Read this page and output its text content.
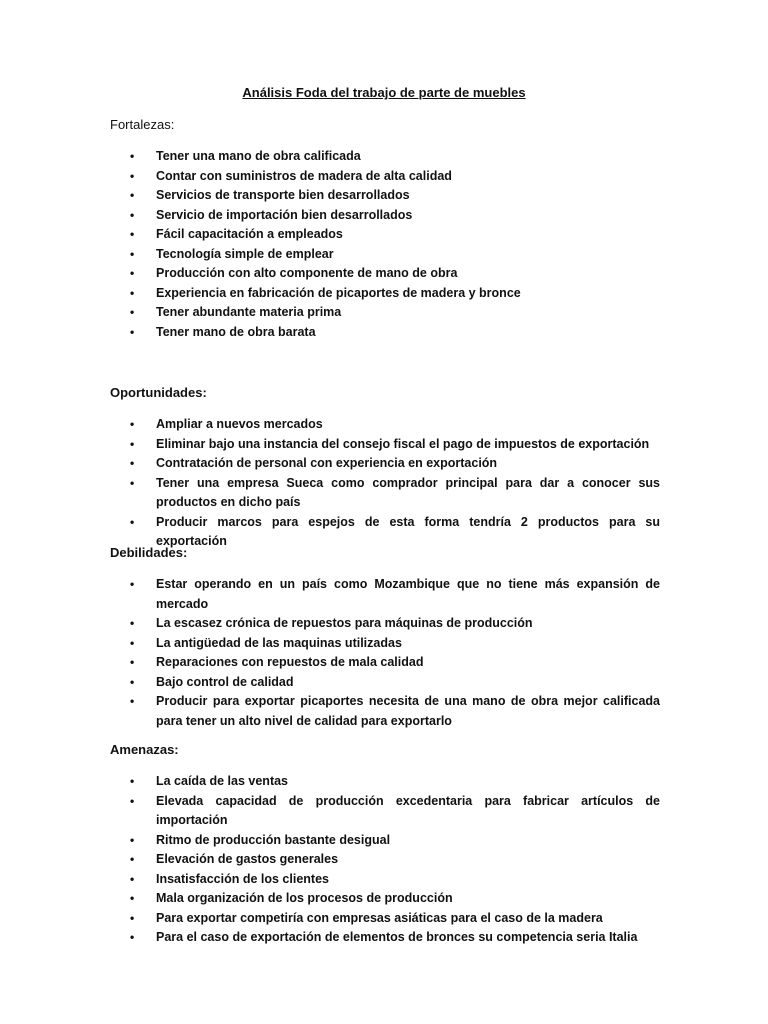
Análisis Foda del trabajo de parte de muebles

Fortalezas:

• Tener una mano de obra calificada
• Contar con suministros de madera de alta calidad
• Servicios de transporte bien desarrollados
• Servicio de importación bien desarrollados
• Fácil capacitación a empleados
• Tecnología simple de emplear
• Producción con alto componente de mano de obra
• Experiencia en fabricación de picaportes de madera y bronce
• Tener abundante materia prima
• Tener mano de obra barata

Oportunidades:

• Ampliar a nuevos mercados
• Eliminar bajo una instancia del consejo fiscal el pago de impuestos de exportación
• Contratación de personal con experiencia en exportación
• Tener una empresa Sueca como comprador principal para dar a conocer sus productos en dicho país
• Producir marcos para espejos de esta forma tendría 2 productos para su exportación

Debilidades:

• Estar operando en un país como Mozambique que no tiene más expansión de mercado
• La escasez crónica de repuestos para máquinas de producción
• La antigüedad de las maquinas utilizadas
• Reparaciones con repuestos de mala calidad
• Bajo control de calidad
• Producir para exportar picaportes necesita de una mano de obra mejor calificada para tener un alto nivel de calidad para exportarlo

Amenazas:

• La caída de las ventas
• Elevada capacidad de producción excedentaria para fabricar artículos de importación
• Ritmo de producción bastante desigual
• Elevación de gastos generales
• Insatisfacción de los clientes
• Mala organización de los procesos de producción
• Para exportar competiría con empresas asiáticas para el caso de la madera
• Para el caso de exportación de elementos de bronces su competencia seria Italia
